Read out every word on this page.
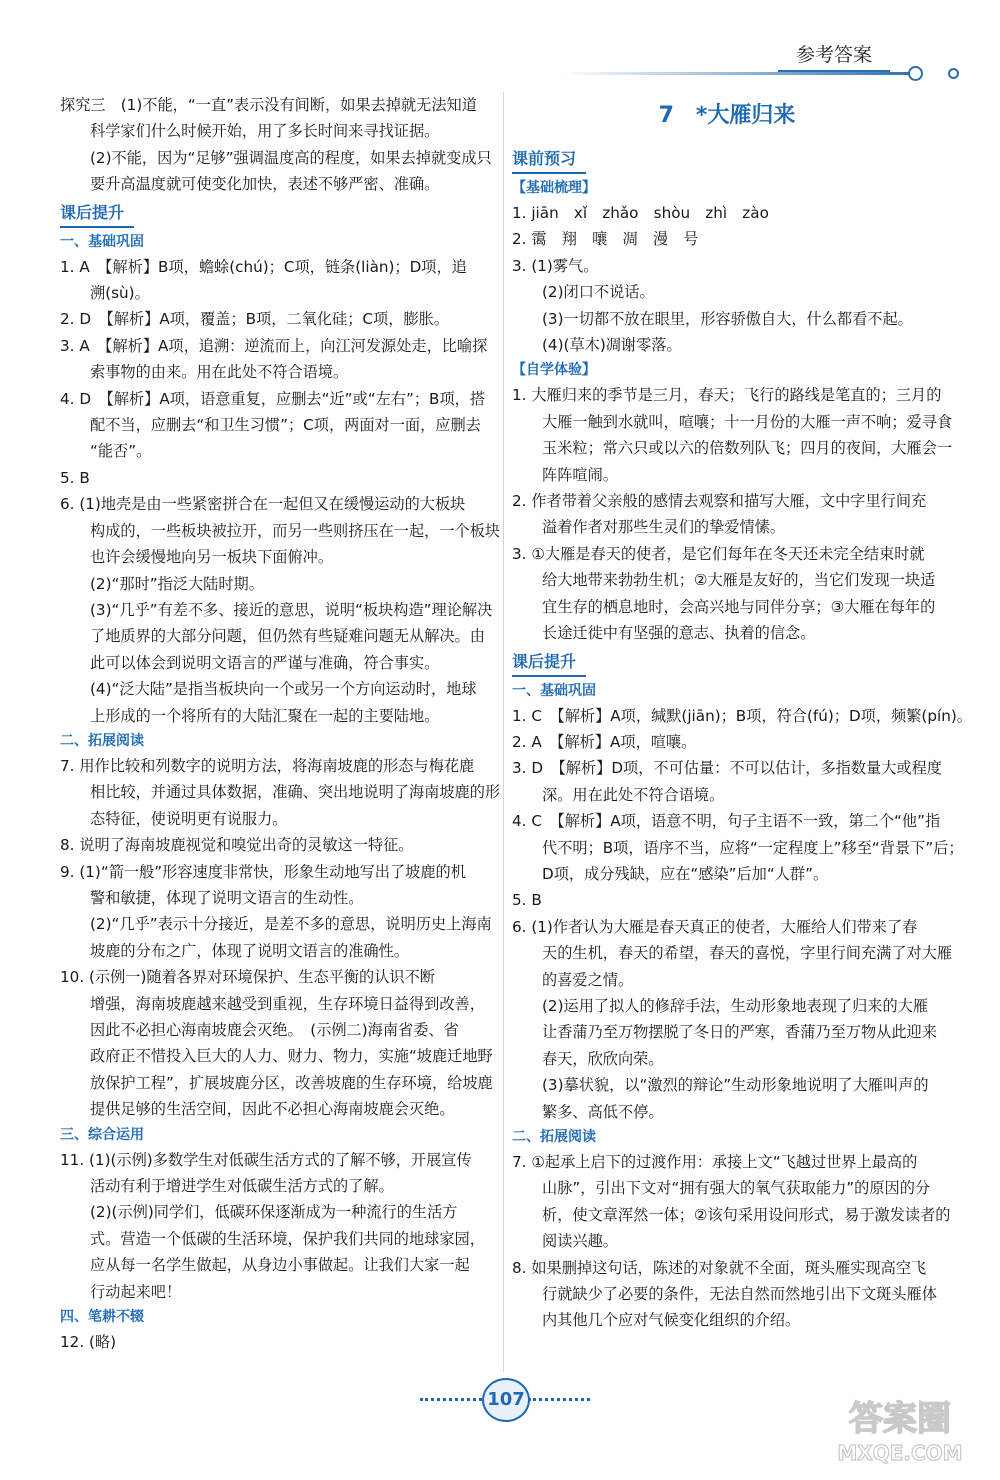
参考答案

探究三　(1)不能，“一直”表示没有间断，如果去掉就无法知道

科学家们什么时候开始，用了多长时间来寻找证据。

(2)不能，因为“足够”强调温度高的程度，如果去掉就变成只

要升高温度就可使变化加快，表述不够严密、准确。

课后提升
一、基础巩固

1. A　【解析】B项，蟾蜍(chú)；C项，链条(liàn)；D项，追

溯(sù)。

2. D　【解析】A项，覆盖；B项，二氧化硅；C项，膨胀。

3. A　【解析】A项，追溯：逆流而上，向江河发源处走，比喻探

索事物的由来。用在此处不符合语境。

4. D　【解析】A项，语意重复，应删去“近”或“左右”；B项，搭

配不当，应删去“和卫生习惯”；C项，两面对一面，应删去

“能否”。

5. B

6. (1)地壳是由一些紧密拼合在一起但又在缓慢运动的大板块

构成的，一些板块被拉开，而另一些则挤压在一起，一个板块

也许会缓慢地向另一板块下面俯冲。

(2)“那时”指泛大陆时期。

(3)“几乎”有差不多、接近的意思，说明“板块构造”理论解决

了地质界的大部分问题，但仍然有些疑难问题无从解决。由

此可以体会到说明文语言的严谨与准确，符合事实。

(4)“泛大陆”是指当板块向一个或另一个方向运动时，地球

上形成的一个将所有的大陆汇聚在一起的主要陆地。

二、拓展阅读

7. 用作比较和列数字的说明方法，将海南坡鹿的形态与梅花鹿

相比较，并通过具体数据，准确、突出地说明了海南坡鹿的形

态特征，使说明更有说服力。

8. 说明了海南坡鹿视觉和嗅觉出奇的灵敏这一特征。

9. (1)“箭一般”形容速度非常快，形象生动地写出了坡鹿的机

警和敏捷，体现了说明文语言的生动性。

(2)“几乎”表示十分接近，是差不多的意思，说明历史上海南

坡鹿的分布之广，体现了说明文语言的准确性。

10. (示例一)随着各界对环境保护、生态平衡的认识不断

增强，海南坡鹿越来越受到重视，生存环境日益得到改善，

因此不必担心海南坡鹿会灭绝。　(示例二)海南省委、省

政府正不惜投入巨大的人力、财力、物力，实施“坡鹿迁地野

放保护工程”，扩展坡鹿分区，改善坡鹿的生存环境，给坡鹿

提供足够的生活空间，因此不必担心海南坡鹿会灭绝。

三、综合运用

11. (1)(示例)多数学生对低碳生活方式的了解不够，开展宣传

活动有利于增进学生对低碳生活方式的了解。

(2)(示例)同学们，低碳环保逐渐成为一种流行的生活方

式。营造一个低碳的生活环境，保护我们共同的地球家园，

应从每一名学生做起，从身边小事做起。让我们大家一起

行动起来吧！

四、笔耕不辍

12. (略)

7　*大雁归来
课前预习
【基础梳理】

1. jiān　xǐ　zhǎo　shòu　zhì　zào

2. 霭　翔　嚷　凋　漫　号

3. (1)雾气。

(2)闭口不说话。

(3)一切都不放在眼里，形容骄傲自大，什么都看不起。

(4)(草木)凋谢零落。

【自学体验】

1. 大雁归来的季节是三月，春天；飞行的路线是笔直的；三月的

大雁一触到水就叫，喧嚷；十一月份的大雁一声不响；爱寻食

玉米粒；常六只或以六的倍数列队飞；四月的夜间，大雁会一

阵阵喧闹。

2. 作者带着父亲般的感情去观察和描写大雁，文中字里行间充

溢着作者对那些生灵们的挚爱情愫。

3. ①大雁是春天的使者，是它们每年在冬天还未完全结束时就

给大地带来勃勃生机；②大雁是友好的，当它们发现一块适

宜生存的栖息地时，会高兴地与同伴分享；③大雁在每年的

长途迁徙中有坚强的意志、执着的信念。

课后提升
一、基础巩固

1. C　【解析】A项，缄默(jiān)；B项，符合(fú)；D项，频繁(pín)。

2. A　【解析】A项，喧嚷。

3. D　【解析】D项，不可估量：不可以估计，多指数量大或程度

深。用在此处不符合语境。

4. C　【解析】A项，语意不明，句子主语不一致，第二个“他”指

代不明；B项，语序不当，应将“一定程度上”移至“背景下”后；

D项，成分残缺，应在“感染”后加“人群”。

5. B

6. (1)作者认为大雁是春天真正的使者，大雁给人们带来了春

天的生机，春天的希望，春天的喜悦，字里行间充满了对大雁

的喜爱之情。

(2)运用了拟人的修辞手法，生动形象地表现了归来的大雁

让香蒲乃至万物摆脱了冬日的严寒，香蒲乃至万物从此迎来

春天，欣欣向荣。

(3)摹状貌，以“激烈的辩论”生动形象地说明了大雁叫声的

繁多、高低不停。

二、拓展阅读

7. ①起承上启下的过渡作用：承接上文“飞越过世界上最高的

山脉”，引出下文对“拥有强大的氧气获取能力”的原因的分

析，使文章浑然一体；②该句采用设问形式，易于激发读者的

阅读兴趣。

8. 如果删掉这句话，陈述的对象就不全面，斑头雁实现高空飞

行就缺少了必要的条件，无法自然而然地引出下文斑头雁体

内其他几个应对气候变化组织的介绍。

107	答案圈
MXQE.COM
